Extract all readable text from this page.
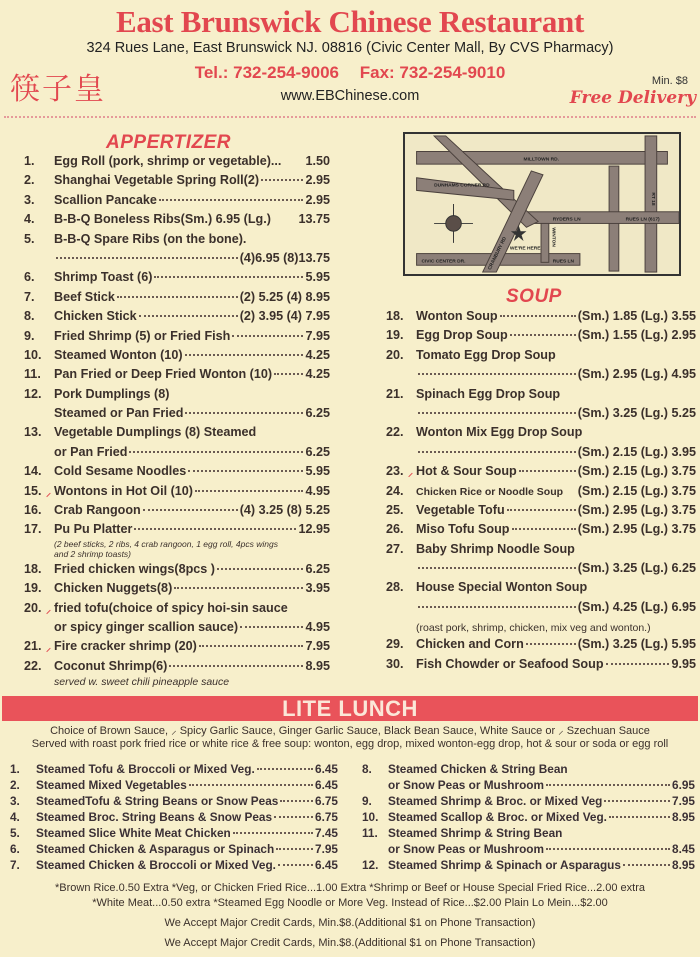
East Brunswick Chinese Restaurant
324 Rues Lane, East Brunswick NJ. 08816 (Civic Center Mall, By CVS Pharmacy)
Tel.: 732-254-9006 Fax: 732-254-9010
www.EBChinese.com
筷子皇	Min. $8
Free Delivery
APPERTIZER
1.	Egg Roll (pork, shrimp or vegetable)... 1.50
2.	Shanghai Vegetable Spring Roll(2)	2.95
3.	Scallion Pancake	2.95
4.	B-B-Q Boneless Ribs(Sm.) 6.95 (Lg.) 13.75
5.	B-B-Q Spare Ribs (on the bone).
(4)6.95 (8)13.75
6.	Shrimp Toast (6)	5.95
7.	Beef Stick	(2) 5.25 (4) 8.95
8.	Chicken Stick	(2) 3.95 (4) 7.95
9.	Fried Shrimp (5) or Fried Fish	7.95
10. Steamed Wonton (10)	4.25
11.	Pan Fried or Deep Fried Wonton (10)	4.25
12. Pork Dumplings (8)
Steamed or Pan Fried	6.25
13. Vegetable Dumplings (8) Steamed
or Pan Fried	6.25
14. Cold Sesame Noodles	5.95
15. ⸝ Wontons in Hot Oil (10)	4.95
16. Crab Rangoon	(4) 3.25 (8) 5.25
17. Pu Pu Platter	12.95
(2 beef sticks, 2 ribs, 4 crab rangoon, 1 egg roll, 4pcs wings and 2 shrimp toasts)
18. Fried chicken wings(8pcs )	6.25
19. Chicken Nuggets(8)	3.95
20. ⸝ fried tofu(choice of spicy hoi-sin sauce
or spicy ginger scallion sauce)	4.95
21. ⸝ Fire cracker shrimp (20)	7.95
22. Coconut Shrimp(6)	8.95
served w. sweet chili pineapple sauce
MILLTOWN RD.
RT 18
RYDERS LN	RUES LN (617)
CIVIC CENTER DR.	RUES LN
WE'RE HERE
WINTON
CRANBURY RD
DUNHAMS CORNER RD
SOUP
18. Wonton Soup	(Sm.) 1.85 (Lg.) 3.55
19. Egg Drop Soup	(Sm.) 1.55 (Lg.) 2.95
20. Tomato Egg Drop Soup
(Sm.) 2.95 (Lg.) 4.95
21. Spinach Egg Drop Soup
(Sm.) 3.25 (Lg.) 5.25
22. Wonton Mix Egg Drop Soup
(Sm.) 2.15 (Lg.) 3.95
23. ⸝ Hot & Sour Soup	(Sm.) 2.15 (Lg.) 3.75
24.	Chicken Rice or Noodle Soup (Sm.) 2.15 (Lg.) 3.75
25. Vegetable Tofu	(Sm.) 2.95 (Lg.) 3.75
26. Miso Tofu Soup	(Sm.) 2.95 (Lg.) 3.75
27. Baby Shrimp Noodle Soup
(Sm.) 3.25 (Lg.) 6.25
28. House Special Wonton Soup
(Sm.) 4.25 (Lg.) 6.95
(roast pork, shrimp, chicken, mix veg and wonton.)
29. Chicken and Corn	(Sm.) 3.25 (Lg.) 5.95
30. Fish Chowder or Seafood Soup	9.95
LITE LUNCH
Choice of Brown Sauce, ⸝ Spicy Garlic Sauce, Ginger Garlic Sauce, Black Bean Sauce, White Sauce or ⸝ Szechuan Sauce
Served with roast pork fried rice or white rice & free soup: wonton, egg drop, mixed wonton-egg drop, hot & sour or soda or egg roll
1.	Steamed Tofu & Broccoli or Mixed Veg.	6.45
2.	Steamed Mixed Vegetables	6.45
3.	SteamedTofu & String Beans or Snow Peas	6.75
4.	Steamed Broc. String Beans & Snow Peas	6.75
5.	Steamed Slice White Meat Chicken	7.45
6.	Steamed Chicken & Asparagus or Spinach	7.95
7.	Steamed Chicken & Broccoli or Mixed Veg.	6.45
8.	Steamed Chicken & String Bean
or Snow Peas or Mushroom	6.95
9.	Steamed Shrimp & Broc. or Mixed Veg	7.95
10. Steamed Scallop & Broc. or Mixed Veg.	8.95
11. Steamed Shrimp & String Bean
or Snow Peas or Mushroom	8.45
12. Steamed Shrimp & Spinach or Asparagus	8.95
*Brown Rice.0.50 Extra *Veg, or Chicken Fried Rice...1.00 Extra *Shrimp or Beef or House Special Fried Rice...2.00 extra
*White Meat...0.50 extra *Steamed Egg Noodle or More Veg. Instead of Rice...$2.00 Plain Lo Mein...$2.00
We Accept Major Credit Cards, Min.$8.(Additional $1 on Phone Transaction)
We Accept Major Credit Cards, Min.$8.(Additional $1 on Phone Transaction)
